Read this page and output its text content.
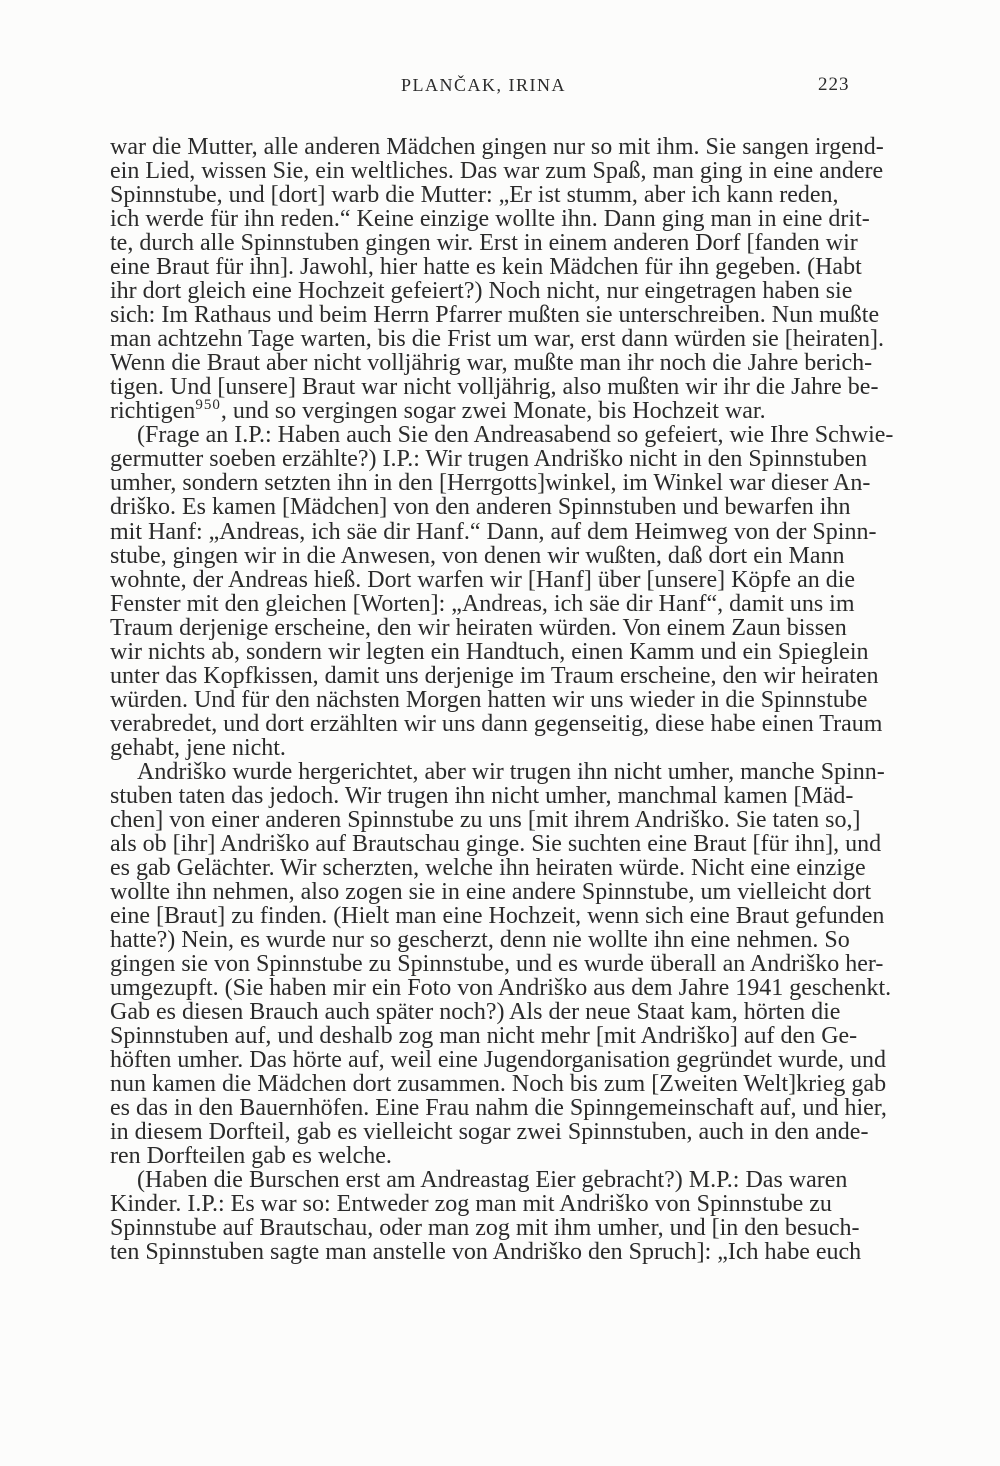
PLANČAK, IRINA	223
war die Mutter, alle anderen Mädchen gingen nur so mit ihm. Sie sangen irgend-
ein Lied, wissen Sie, ein weltliches. Das war zum Spaß, man ging in eine andere
Spinnstube, und [dort] warb die Mutter: „Er ist stumm, aber ich kann reden,
ich werde für ihn reden.“ Keine einzige wollte ihn. Dann ging man in eine drit-
te, durch alle Spinnstuben gingen wir. Erst in einem anderen Dorf [fanden wir
eine Braut für ihn]. Jawohl, hier hatte es kein Mädchen für ihn gegeben. (Habt
ihr dort gleich eine Hochzeit gefeiert?) Noch nicht, nur eingetragen haben sie
sich: Im Rathaus und beim Herrn Pfarrer mußten sie unterschreiben. Nun mußte
man achtzehn Tage warten, bis die Frist um war, erst dann würden sie [heiraten].
Wenn die Braut aber nicht volljährig war, mußte man ihr noch die Jahre berich-
tigen. Und [unsere] Braut war nicht volljährig, also mußten wir ihr die Jahre be-
richtigen$^{950}$, und so vergingen sogar zwei Monate, bis Hochzeit war.
(Frage an I.P.: Haben auch Sie den Andreasabend so gefeiert, wie Ihre Schwie-
germutter soeben erzählte?) I.P.: Wir trugen Andriško nicht in den Spinnstuben
umher, sondern setzten ihn in den [Herrgotts]winkel, im Winkel war dieser An-
driško. Es kamen [Mädchen] von den anderen Spinnstuben und bewarfen ihn
mit Hanf: „Andreas, ich säe dir Hanf.“ Dann, auf dem Heimweg von der Spinn-
stube, gingen wir in die Anwesen, von denen wir wußten, daß dort ein Mann
wohnte, der Andreas hieß. Dort warfen wir [Hanf] über [unsere] Köpfe an die
Fenster mit den gleichen [Worten]: „Andreas, ich säe dir Hanf“, damit uns im
Traum derjenige erscheine, den wir heiraten würden. Von einem Zaun bissen
wir nichts ab, sondern wir legten ein Handtuch, einen Kamm und ein Spieglein
unter das Kopfkissen, damit uns derjenige im Traum erscheine, den wir heiraten
würden. Und für den nächsten Morgen hatten wir uns wieder in die Spinnstube
verabredet, und dort erzählten wir uns dann gegenseitig, diese habe einen Traum
gehabt, jene nicht.
Andriško wurde hergerichtet, aber wir trugen ihn nicht umher, manche Spinn-
stuben taten das jedoch. Wir trugen ihn nicht umher, manchmal kamen [Mäd-
chen] von einer anderen Spinnstube zu uns [mit ihrem Andriško. Sie taten so,]
als ob [ihr] Andriško auf Brautschau ginge. Sie suchten eine Braut [für ihn], und
es gab Gelächter. Wir scherzten, welche ihn heiraten würde. Nicht eine einzige
wollte ihn nehmen, also zogen sie in eine andere Spinnstube, um vielleicht dort
eine [Braut] zu finden. (Hielt man eine Hochzeit, wenn sich eine Braut gefunden
hatte?) Nein, es wurde nur so gescherzt, denn nie wollte ihn eine nehmen. So
gingen sie von Spinnstube zu Spinnstube, und es wurde überall an Andriško her-
umgezupft. (Sie haben mir ein Foto von Andriško aus dem Jahre 1941 geschenkt.
Gab es diesen Brauch auch später noch?) Als der neue Staat kam, hörten die
Spinnstuben auf, und deshalb zog man nicht mehr [mit Andriško] auf den Ge-
höften umher. Das hörte auf, weil eine Jugendorganisation gegründet wurde, und
nun kamen die Mädchen dort zusammen. Noch bis zum [Zweiten Welt]krieg gab
es das in den Bauernhöfen. Eine Frau nahm die Spinngemeinschaft auf, und hier,
in diesem Dorfteil, gab es vielleicht sogar zwei Spinnstuben, auch in den ande-
ren Dorfteilen gab es welche.
(Haben die Burschen erst am Andreastag Eier gebracht?) M.P.: Das waren
Kinder. I.P.: Es war so: Entweder zog man mit Andriško von Spinnstube zu
Spinnstube auf Brautschau, oder man zog mit ihm umher, und [in den besuch-
ten Spinnstuben sagte man anstelle von Andriško den Spruch]: „Ich habe euch
